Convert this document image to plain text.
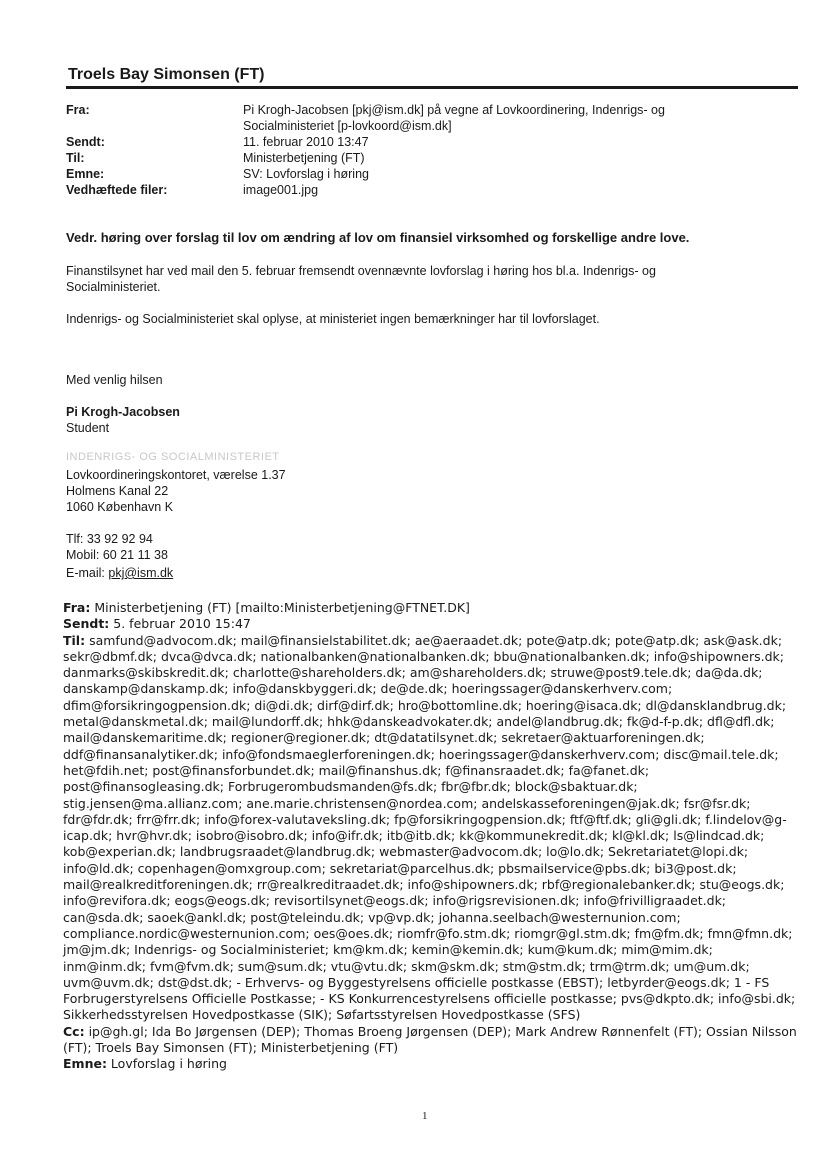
Troels Bay Simonsen (FT)
Fra:	Pi Krogh-Jacobsen [pkj@ism.dk] på vegne af Lovkoordinering, Indenrigs- og
Socialministeriet [p-lovkoord@ism.dk]
Sendt:	11. februar 2010 13:47
Til:	Ministerbetjening (FT)
Emne:	SV: Lovforslag i høring
Vedhæftede filer:	image001.jpg
Vedr. høring over forslag til lov om ændring af lov om finansiel virksomhed og forskellige andre love.
Finanstilsynet har ved mail den 5. februar fremsendt ovennævnte lovforslag i høring hos bl.a. Indenrigs- og
Socialministeriet.
Indenrigs- og Socialministeriet skal oplyse, at ministeriet ingen bemærkninger har til lovforslaget.
Med venlig hilsen
Pi Krogh-Jacobsen
Student
INDENRIGS- OG SOCIALMINISTERIET
Lovkoordineringskontoret, værelse 1.37
Holmens Kanal 22
1060 København K
Tlf: 33 92 92 94
Mobil: 60 21 11 38
E-mail: pkj@ism.dk

Fra: Ministerbetjening (FT) [mailto:Ministerbetjening@FTNET.DK]

Sendt: 5. februar 2010 15:47

Til: samfund@advocom.dk; mail@finansielstabilitet.dk; ae@aeraadet.dk; pote@atp.dk; pote@atp.dk; ask@ask.dk; sekr@dbmf.dk; dvca@dvca.dk; nationalbanken@nationalbanken.dk; bbu@nationalbanken.dk; info@shipowners.dk; danmarks@skibskredit.dk; charlotte@shareholders.dk; am@shareholders.dk; struwe@post9.tele.dk; da@da.dk; danskamp@danskamp.dk; info@danskbyggeri.dk; de@de.dk; hoeringssager@danskerhverv.com; dfim@forsikringogpension.dk; di@di.dk; dirf@dirf.dk; hro@bottomline.dk; hoering@isaca.dk; dl@dansklandbrug.dk; metal@danskmetal.dk; mail@lundorff.dk; hhk@danskeadvokater.dk; andel@landbrug.dk; fk@d-f-p.dk; dfl@dfl.dk; mail@danskemaritime.dk; regioner@regioner.dk; dt@datatilsynet.dk; sekretaer@aktuarforeningen.dk; ddf@finansanalytiker.dk; info@fondsmaeglerforeningen.dk; hoeringssager@danskerhverv.com; disc@mail.tele.dk; het@fdih.net; post@finansforbundet.dk; mail@finanshus.dk; f@finansraadet.dk; fa@fanet.dk; post@finansogleasing.dk; Forbrugerombudsmanden@fs.dk; fbr@fbr.dk; block@sbaktuar.dk; stig.jensen@ma.allianz.com; ane.marie.christensen@nordea.com; andelskasseforeningen@jak.dk; fsr@fsr.dk; fdr@fdr.dk; frr@frr.dk; info@forex-valutaveksling.dk; fp@forsikringogpension.dk; ftf@ftf.dk; gli@gli.dk; f.lindelov@g-icap.dk; hvr@hvr.dk; isobro@isobro.dk; info@ifr.dk; itb@itb.dk; kk@kommunekredit.dk; kl@kl.dk; ls@lindcad.dk; kob@experian.dk; landbrugsraadet@landbrug.dk; webmaster@advocom.dk; lo@lo.dk; Sekretariatet@lopi.dk; info@ld.dk; copenhagen@omxgroup.com; sekretariat@parcelhus.dk; pbsmailservice@pbs.dk; bi3@post.dk; mail@realkreditforeningen.dk; rr@realkreditraadet.dk; info@shipowners.dk; rbf@regionalebanker.dk; stu@eogs.dk; info@revifora.dk; eogs@eogs.dk; revisortilsynet@eogs.dk; info@rigsrevisionen.dk; info@frivilligraadet.dk; can@sda.dk; saoek@ankl.dk; post@teleindu.dk; vp@vp.dk; johanna.seelbach@westernunion.com; compliance.nordic@westernunion.com; oes@oes.dk; riomfr@fo.stm.dk; riomgr@gl.stm.dk; fm@fm.dk; fmn@fmn.dk; jm@jm.dk; Indenrigs- og Socialministeriet; km@km.dk; kemin@kemin.dk; kum@kum.dk; mim@mim.dk; inm@inm.dk; fvm@fvm.dk; sum@sum.dk; vtu@vtu.dk; skm@skm.dk; stm@stm.dk; trm@trm.dk; um@um.dk; uvm@uvm.dk; dst@dst.dk; - Erhvervs- og Byggestyrelsens officielle postkasse (EBST); letbyrder@eogs.dk; 1 - FS Forbrugerstyrelsens Officielle Postkasse; - KS Konkurrencestyrelsens officielle postkasse; pvs@dkpto.dk; info@sbi.dk; Sikkerhedsstyrelsen Hovedpostkasse (SIK); Søfartsstyrelsen Hovedpostkasse (SFS)

Cc: ip@gh.gl; Ida Bo Jørgensen (DEP); Thomas Broeng Jørgensen (DEP); Mark Andrew Rønnenfelt (FT); Ossian Nilsson (FT); Troels Bay Simonsen (FT); Ministerbetjening (FT)

Emne: Lovforslag i høring

1
